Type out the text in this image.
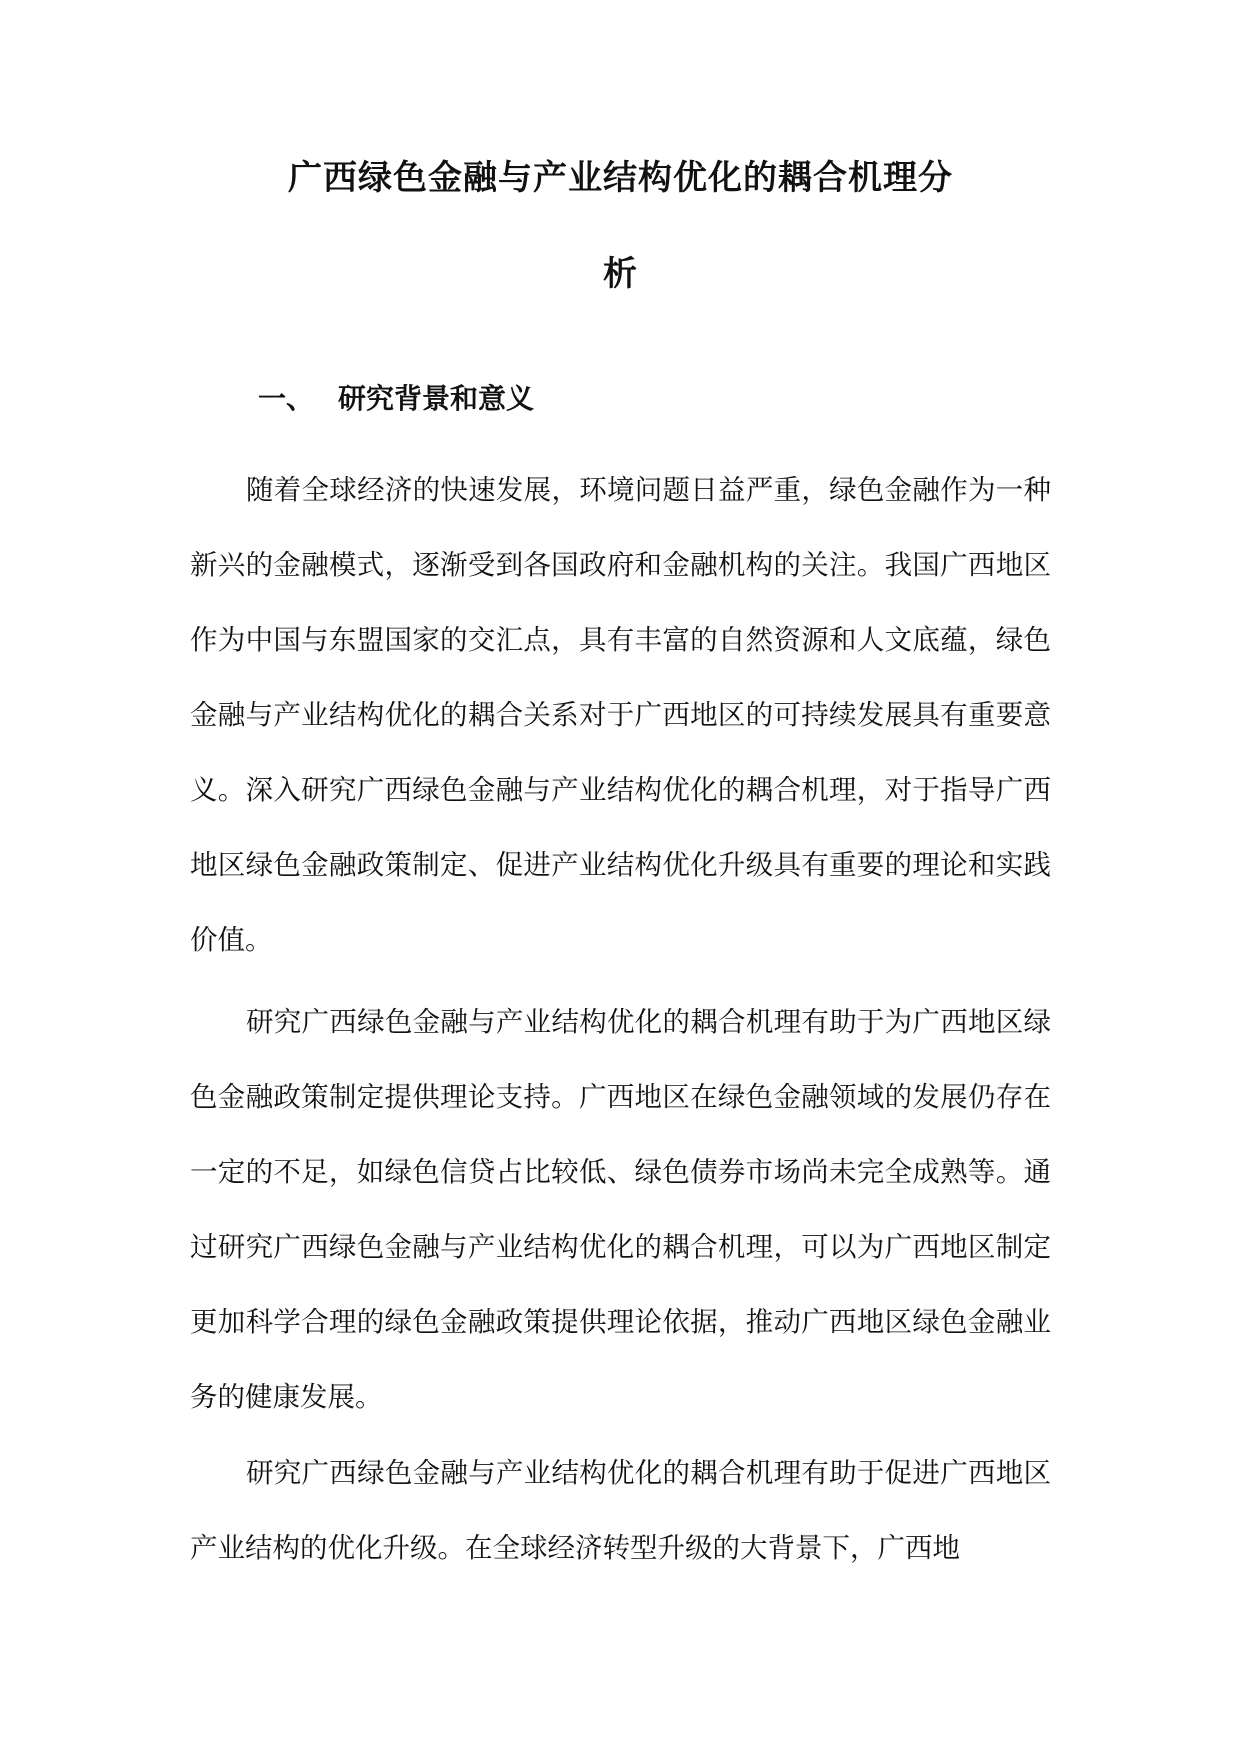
广西绿色金融与产业结构优化的耦合机理分
析
一、 研究背景和意义

随着全球经济的快速发展，环境问题日益严重，绿色金融作为一种新兴的金融模式，逐渐受到各国政府和金融机构的关注。我国广西地区作为中国与东盟国家的交汇点，具有丰富的自然资源和人文底蕴，绿色金融与产业结构优化的耦合关系对于广西地区的可持续发展具有重要意义。深入研究广西绿色金融与产业结构优化的耦合机理，对于指导广西地区绿色金融政策制定、促进产业结构优化升级具有重要的理论和实践价值。

研究广西绿色金融与产业结构优化的耦合机理有助于为广西地区绿色金融政策制定提供理论支持。广西地区在绿色金融领域的发展仍存在一定的不足，如绿色信贷占比较低、绿色债券市场尚未完全成熟等。通过研究广西绿色金融与产业结构优化的耦合机理，可以为广西地区制定更加科学合理的绿色金融政策提供理论依据，推动广西地区绿色金融业务的健康发展。

研究广西绿色金融与产业结构优化的耦合机理有助于促进广西地区产业结构的优化升级。在全球经济转型升级的大背景下，广西地
